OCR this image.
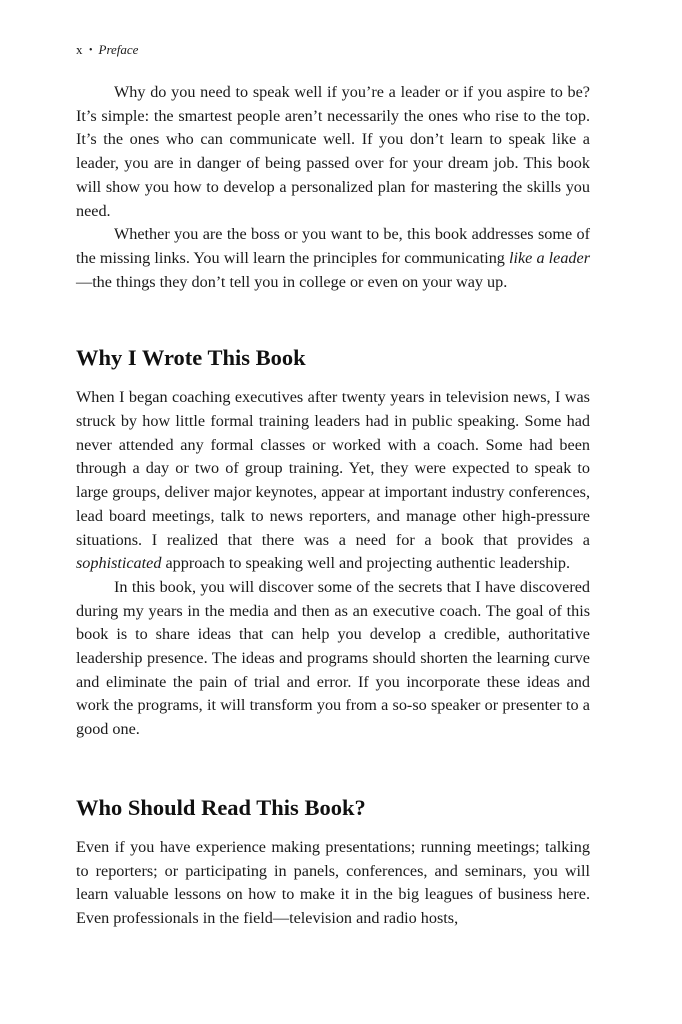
x • Preface

Why do you need to speak well if you’re a leader or if you aspire to be? It’s simple: the smartest people aren’t necessarily the ones who rise to the top. It’s the ones who can communicate well. If you don’t learn to speak like a leader, you are in danger of being passed over for your dream job. This book will show you how to develop a personalized plan for mastering the skills you need.

Whether you are the boss or you want to be, this book addresses some of the missing links. You will learn the principles for communicating like a leader—the things they don’t tell you in college or even on your way up.

Why I Wrote This Book

When I began coaching executives after twenty years in television news, I was struck by how little formal training leaders had in public speaking. Some had never attended any formal classes or worked with a coach. Some had been through a day or two of group training. Yet, they were expected to speak to large groups, deliver major keynotes, appear at important industry conferences, lead board meetings, talk to news reporters, and manage other high-pressure situations. I realized that there was a need for a book that provides a sophisticated approach to speaking well and projecting authentic leadership.

In this book, you will discover some of the secrets that I have discovered during my years in the media and then as an executive coach. The goal of this book is to share ideas that can help you develop a credible, authoritative leadership presence. The ideas and programs should shorten the learning curve and eliminate the pain of trial and error. If you incorporate these ideas and work the programs, it will transform you from a so-so speaker or presenter to a good one.

Who Should Read This Book?

Even if you have experience making presentations; running meetings; talking to reporters; or participating in panels, conferences, and seminars, you will learn valuable lessons on how to make it in the big leagues of business here. Even professionals in the field—television and radio hosts,
